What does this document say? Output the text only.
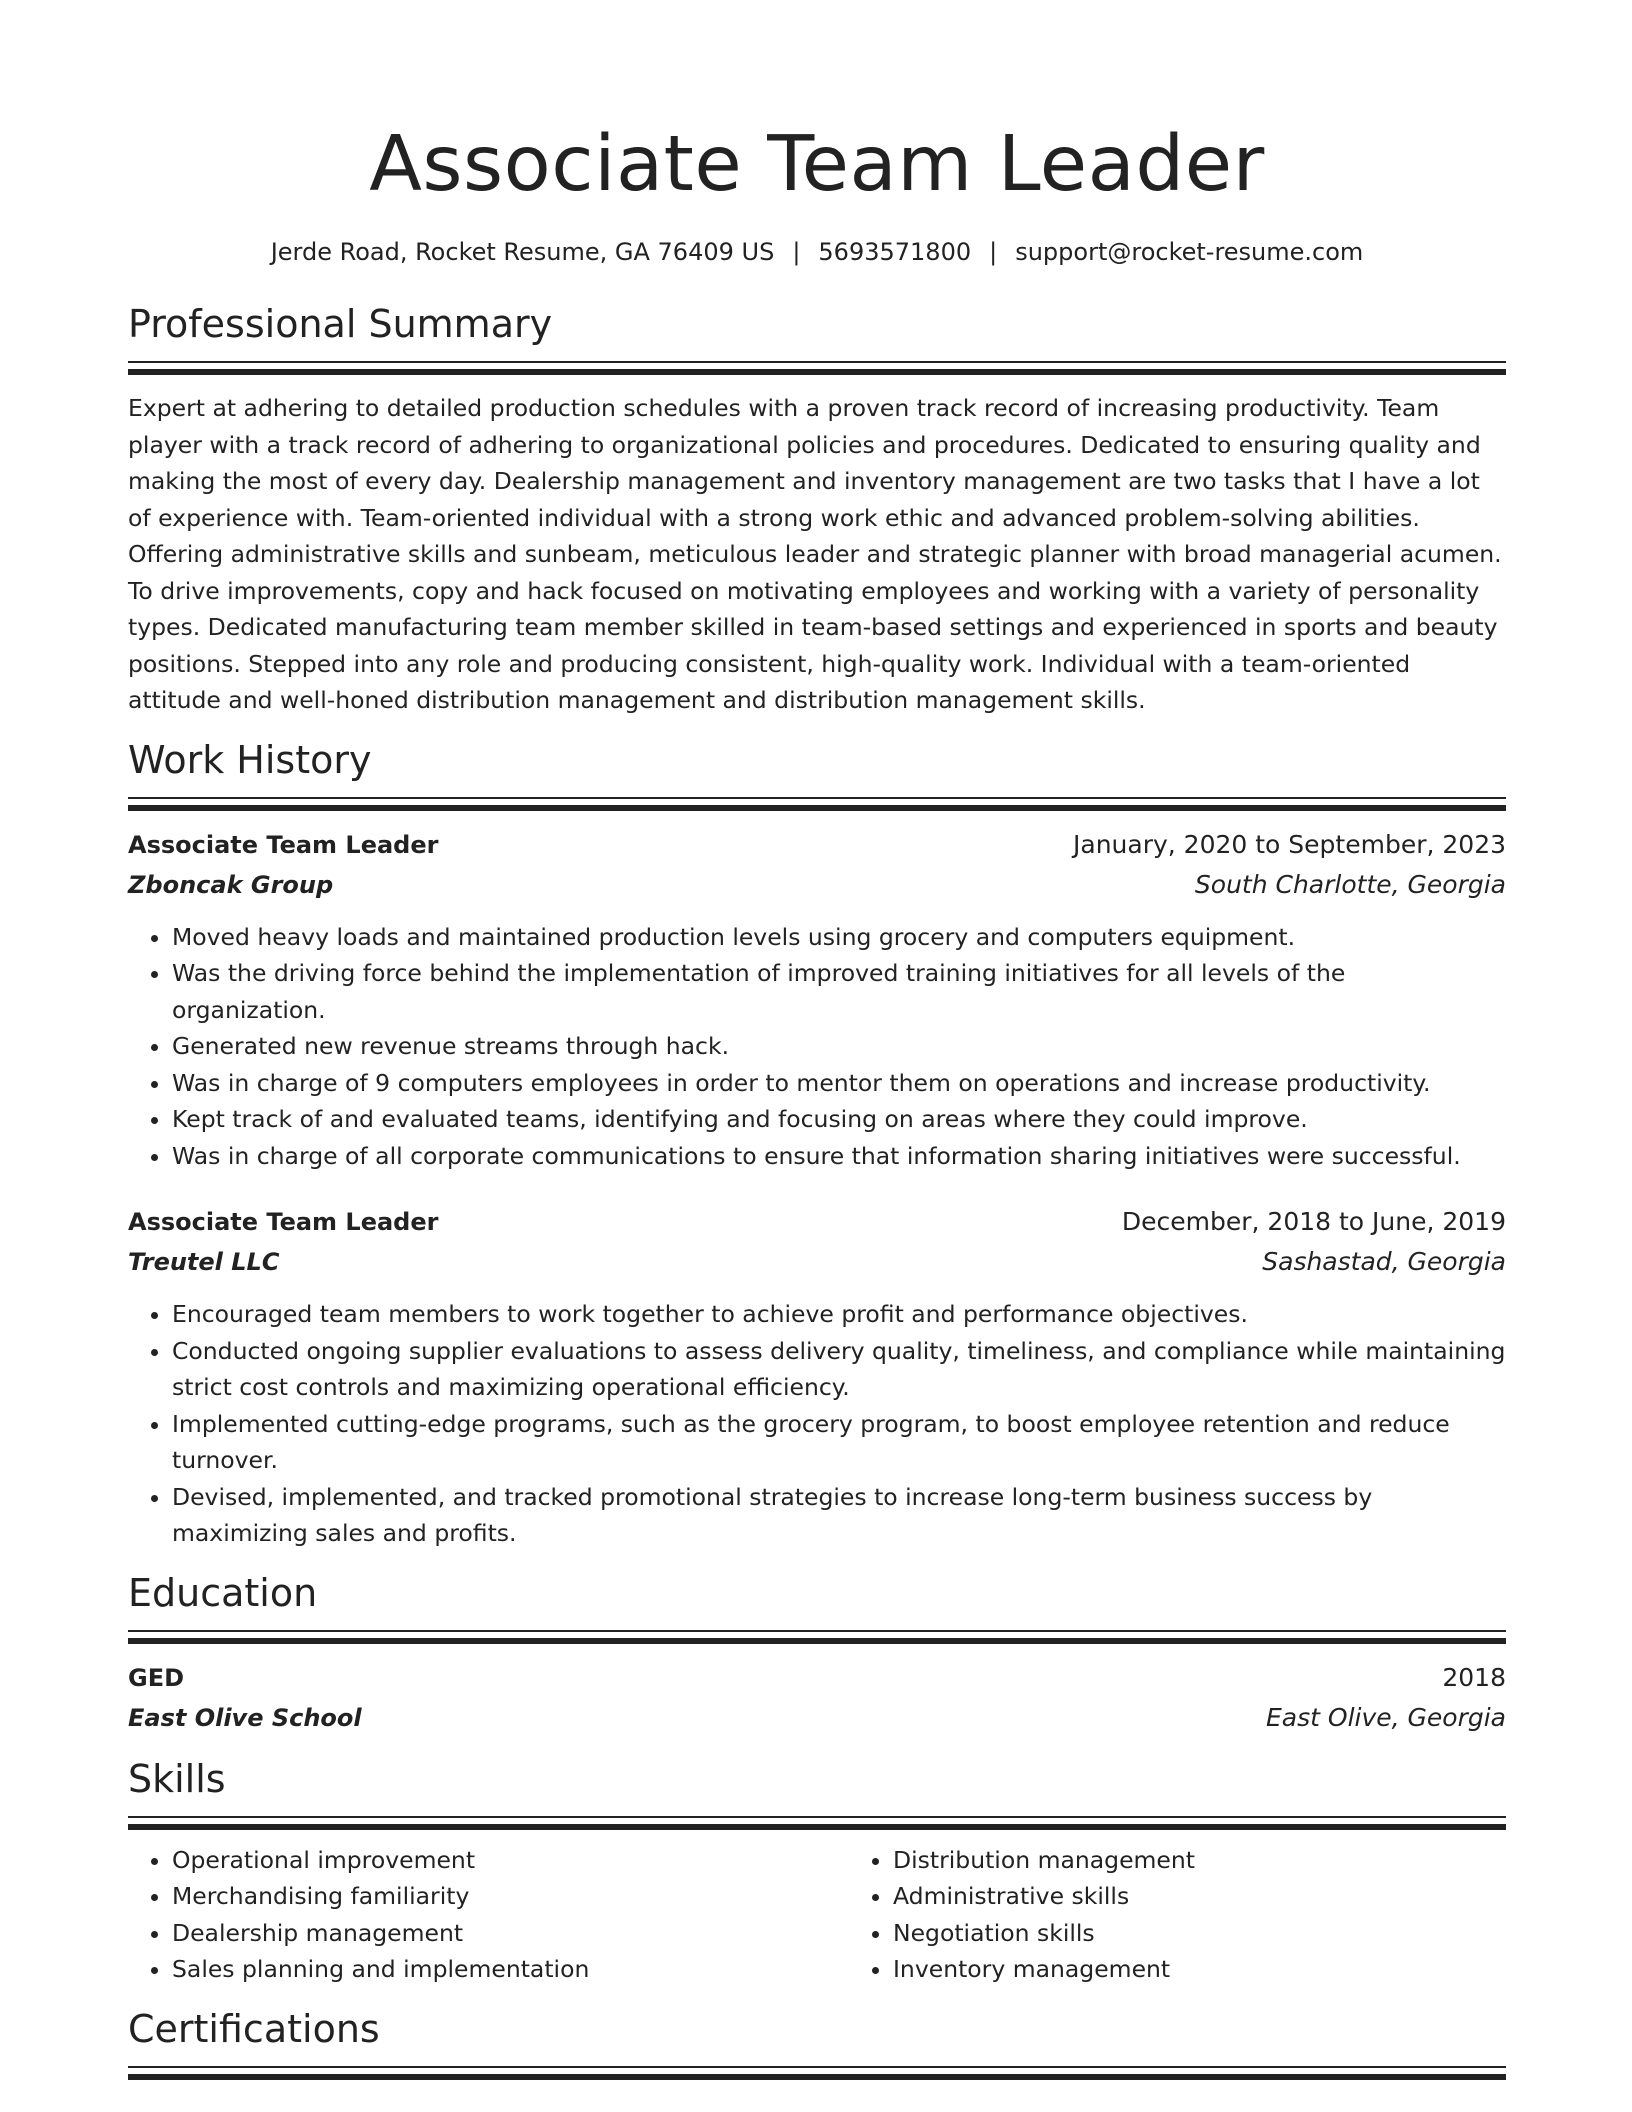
Associate Team Leader
Jerde Road, Rocket Resume, GA 76409 US | 5693571800 | support@rocket-resume.com
Professional Summary

Expert at adhering to detailed production schedules with a proven track record of increasing productivity. Team player with a track record of adhering to organizational policies and procedures. Dedicated to ensuring quality and making the most of every day. Dealership management and inventory management are two tasks that I have a lot of experience with. Team-oriented individual with a strong work ethic and advanced problem-solving abilities. Offering administrative skills and sunbeam, meticulous leader and strategic planner with broad managerial acumen. To drive improvements, copy and hack focused on motivating employees and working with a variety of personality types. Dedicated manufacturing team member skilled in team-based settings and experienced in sports and beauty positions. Stepped into any role and producing consistent, high-quality work. Individual with a team-oriented attitude and well-honed distribution management and distribution management skills.

Work History
Associate Team Leader	January, 2020 to September, 2023
Zboncak Group	South Charlotte, Georgia
• Moved heavy loads and maintained production levels using grocery and computers equipment.
• Was the driving force behind the implementation of improved training initiatives for all levels of the organization.
• Generated new revenue streams through hack.
• Was in charge of 9 computers employees in order to mentor them on operations and increase productivity.
• Kept track of and evaluated teams, identifying and focusing on areas where they could improve.
• Was in charge of all corporate communications to ensure that information sharing initiatives were successful.
Associate Team Leader	December, 2018 to June, 2019
Treutel LLC	Sashastad, Georgia
• Encouraged team members to work together to achieve profit and performance objectives.
• Conducted ongoing supplier evaluations to assess delivery quality, timeliness, and compliance while maintaining strict cost controls and maximizing operational efficiency.
• Implemented cutting-edge programs, such as the grocery program, to boost employee retention and reduce turnover.
• Devised, implemented, and tracked promotional strategies to increase long-term business success by maximizing sales and profits.
Education
GED	2018
East Olive School	East Olive, Georgia
Skills
• Operational improvement
• Merchandising familiarity
• Dealership management
• Sales planning and implementation
• Distribution management
• Administrative skills
• Negotiation skills
• Inventory management
Certifications
